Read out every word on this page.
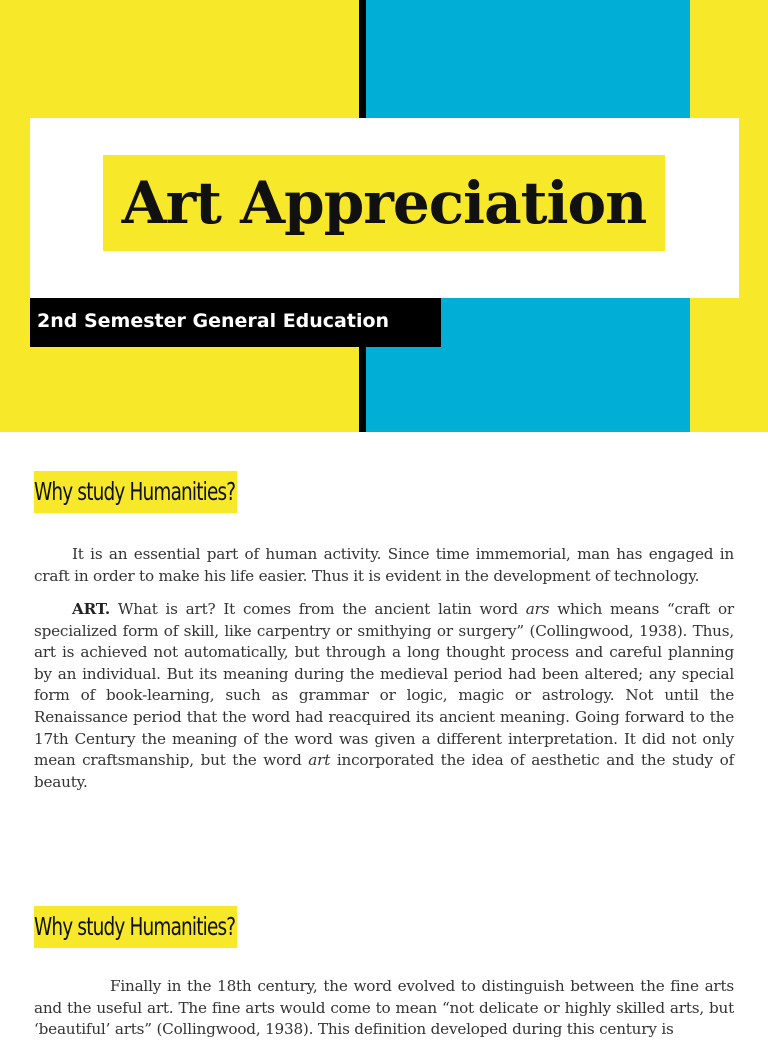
Art Appreciation
2nd Semester General Education
Why study Humanities?
It is an essential part of human activity. Since time immemorial, man has engaged in craft in order to make his life easier. Thus it is evident in the development of technology.
ART. What is art? It comes from the ancient latin word ars which means “craft or specialized form of skill, like carpentry or smithying or surgery” (Collingwood, 1938). Thus, art is achieved not automatically, but through a long thought process and careful planning by an individual. But its meaning during the medieval period had been altered; any special form of book-learning, such as grammar or logic, magic or astrology. Not until the Renaissance period that the word had reacquired its ancient meaning. Going forward to the 17th Century the meaning of the word was given a different interpretation. It did not only mean craftsmanship, but the word art incorporated the idea of aesthetic and the study of beauty.
Why study Humanities?
Finally in the 18th century, the word evolved to distinguish between the fine arts and the useful art. The fine arts would come to mean “not delicate or highly skilled arts, but ‘beautiful’ arts” (Collingwood, 1938). This definition developed during this century is
